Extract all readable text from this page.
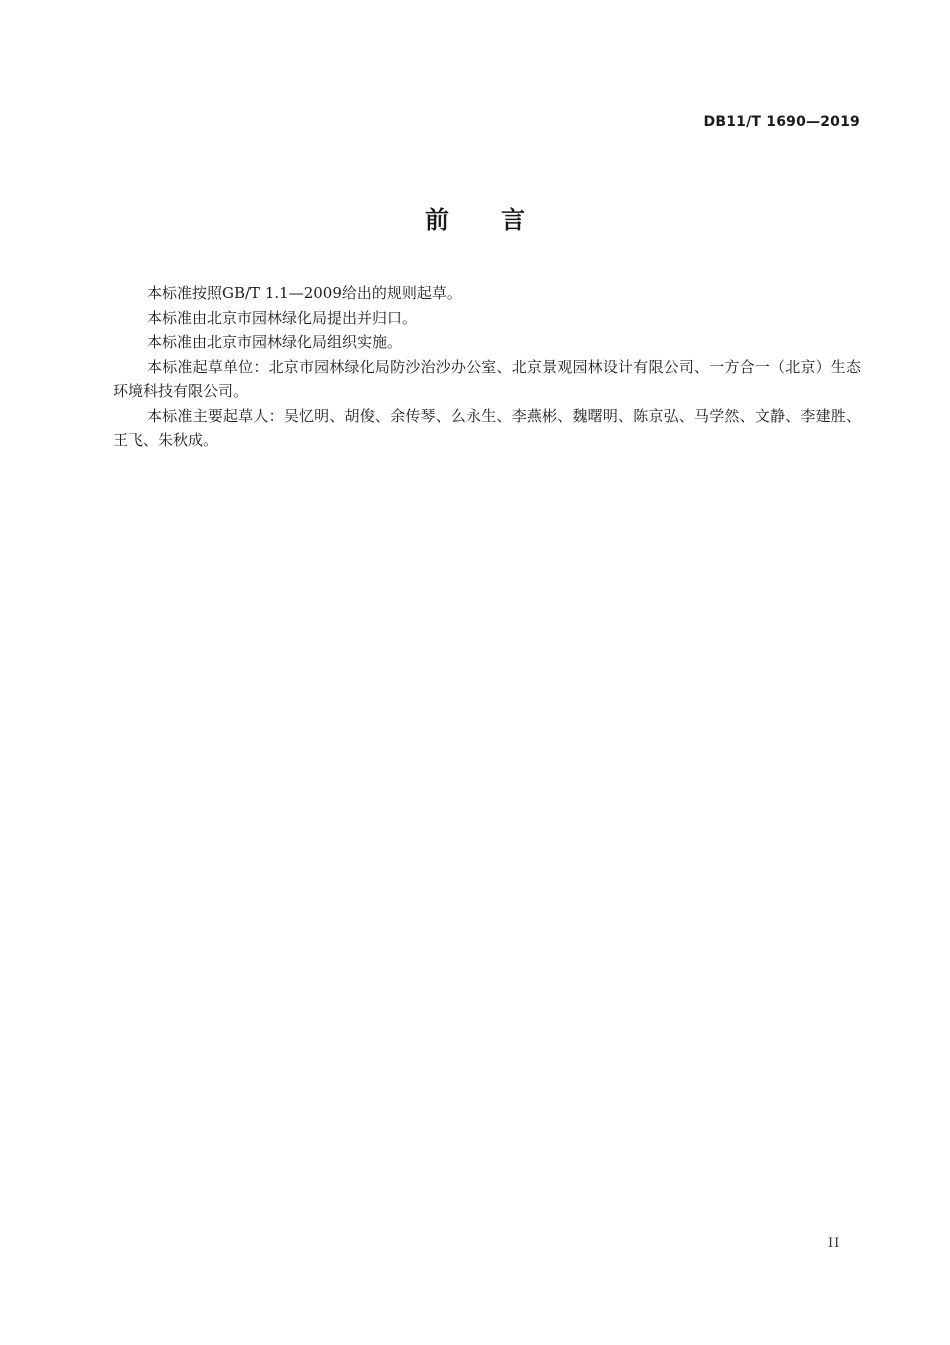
DB11/T 1690—2019
前 言

本标准按照GB/T 1.1—2009给出的规则起草。

本标准由北京市园林绿化局提出并归口。

本标准由北京市园林绿化局组织实施。

本标准起草单位：北京市园林绿化局防沙治沙办公室、北京景观园林设计有限公司、一方合一（北京）生态环境科技有限公司。

本标准主要起草人：吴忆明、胡俊、余传琴、么永生、李燕彬、魏曙明、陈京弘、马学然、文静、李建胜、王飞、朱秋成。

II
